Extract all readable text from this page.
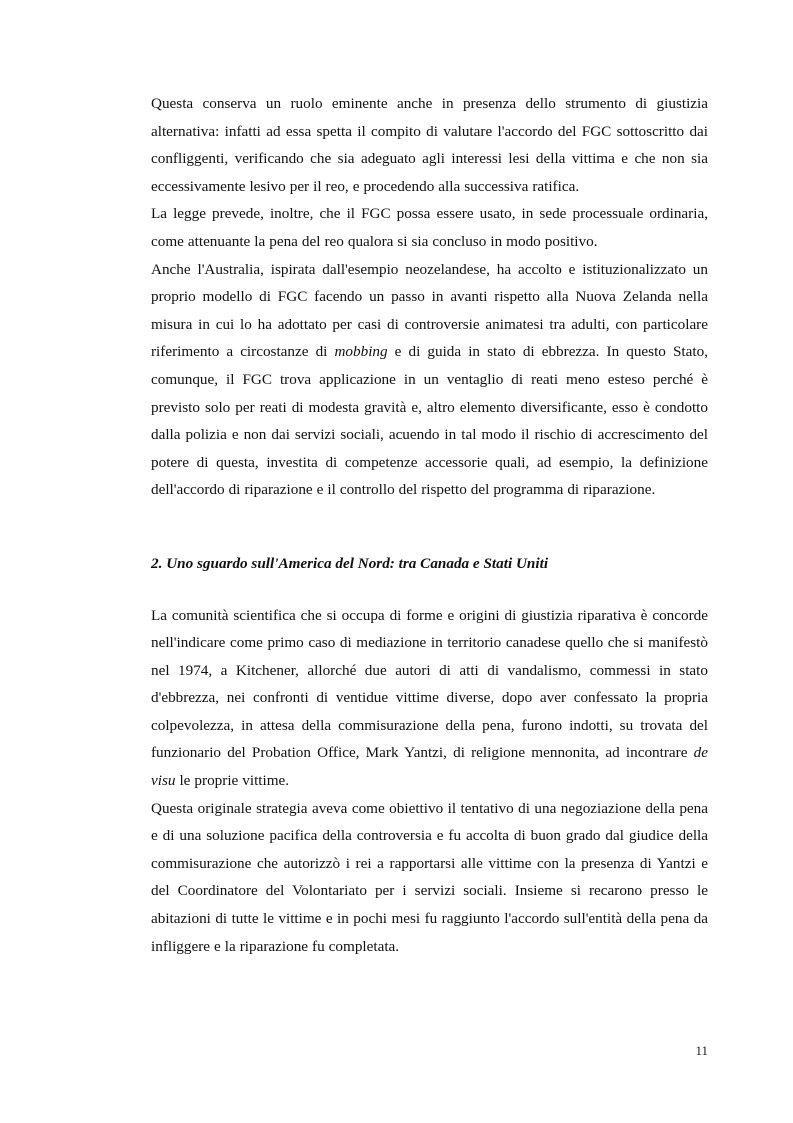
Questa conserva un ruolo eminente anche in presenza dello strumento di giustizia alternativa: infatti ad essa spetta il compito di valutare l'accordo del FGC sottoscritto dai confliggenti, verificando che sia adeguato agli interessi lesi della vittima e che non sia eccessivamente lesivo per il reo, e procedendo alla successiva ratifica.

La legge prevede, inoltre, che il FGC possa essere usato, in sede processuale ordinaria, come attenuante la pena del reo qualora si sia concluso in modo positivo.

Anche l'Australia, ispirata dall'esempio neozelandese, ha accolto e istituzionalizzato un proprio modello di FGC facendo un passo in avanti rispetto alla Nuova Zelanda nella misura in cui lo ha adottato per casi di controversie animatesi tra adulti, con particolare riferimento a circostanze di mobbing e di guida in stato di ebbrezza. In questo Stato, comunque, il FGC trova applicazione in un ventaglio di reati meno esteso perché è previsto solo per reati di modesta gravità e, altro elemento diversificante, esso è condotto dalla polizia e non dai servizi sociali, acuendo in tal modo il rischio di accrescimento del potere di questa, investita di competenze accessorie quali, ad esempio, la definizione dell'accordo di riparazione e il controllo del rispetto del programma di riparazione.

2. Uno sguardo sull'America del Nord: tra Canada e Stati Uniti

La comunità scientifica che si occupa di forme e origini di giustizia riparativa è concorde nell'indicare come primo caso di mediazione in territorio canadese quello che si manifestò nel 1974, a Kitchener, allorché due autori di atti di vandalismo, commessi in stato d'ebbrezza, nei confronti di ventidue vittime diverse, dopo aver confessato la propria colpevolezza, in attesa della commisurazione della pena, furono indotti, su trovata del funzionario del Probation Office, Mark Yantzi, di religione mennonita, ad incontrare de visu le proprie vittime.

Questa originale strategia aveva come obiettivo il tentativo di una negoziazione della pena e di una soluzione pacifica della controversia e fu accolta di buon grado dal giudice della commisurazione che autorizzò i rei a rapportarsi alle vittime con la presenza di Yantzi e del Coordinatore del Volontariato per i servizi sociali. Insieme si recarono presso le abitazioni di tutte le vittime e in pochi mesi fu raggiunto l'accordo sull'entità della pena da infliggere e la riparazione fu completata.

11
